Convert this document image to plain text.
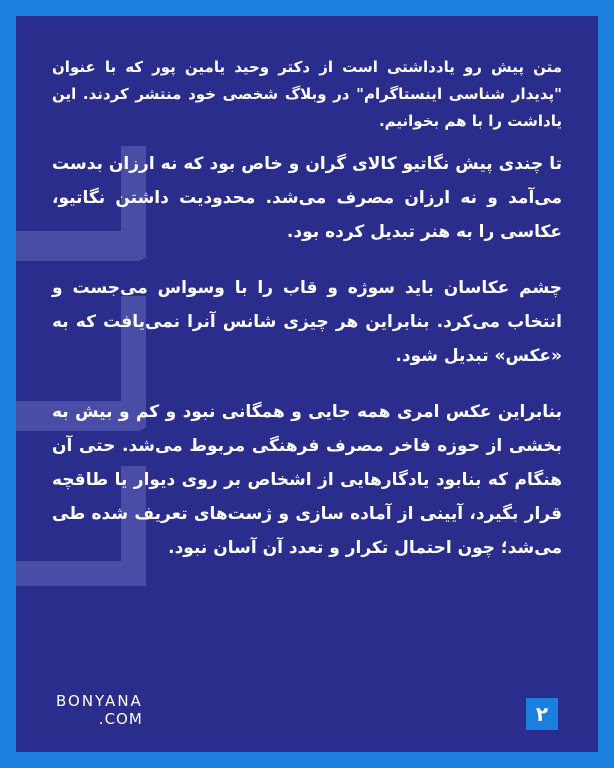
متن پیش رو یادداشتی است از دکتر وحید یامین پور که با عنوان "پدیدار شناسی اینستاگرام" در وبلاگ شخصی خود منتشر کردند. این یاداشت را با هم بخوانیم.

تا چندی پیش نگاتیو کالای گران و خاص بود که نه ارزان بدست می‌آمد و نه ارزان مصرف می‌شد. محدودیت داشتن نگاتیو، عکاسی را به هنر تبدیل کرده بود.

چشم عکاسان باید سوژه و قاب را با وسواس می‌جست و انتخاب می‌کرد. بنابراین هر چیزی شانس آنرا نمی‌یافت که به «عکس» تبدیل شود.

بنابراین عکس امری همه جایی و همگانی نبود و کم و بیش به بخشی از حوزه فاخر مصرف فرهنگی مربوط می‌شد. حتی آن هنگام که بنابود یادگارهایی از اشخاص بر روی دیوار یا طاقچه قرار بگیرد، آیینی از آماده سازی و ژست‌های تعریف شده طی می‌شد؛ چون احتمال تکرار و تعدد آن آسان نبود.

BONYANA
.COM	۲
